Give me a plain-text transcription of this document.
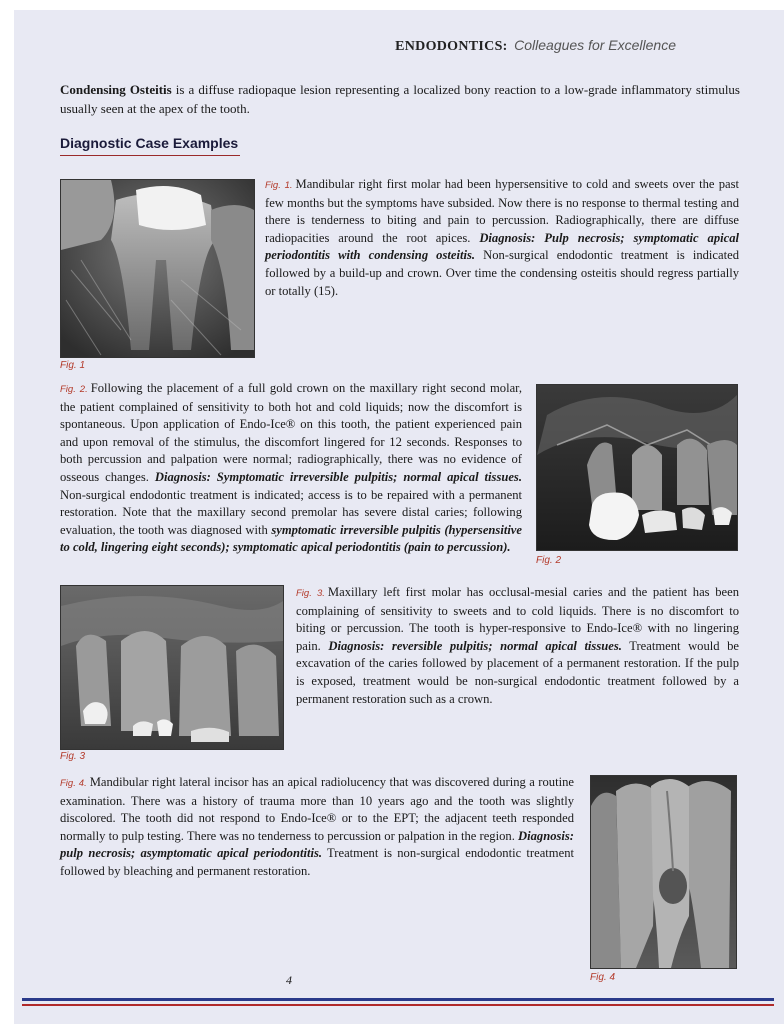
ENDODONTICS: Colleagues for Excellence
Condensing Osteitis is a diffuse radiopaque lesion representing a localized bony reaction to a low-grade inflammatory stimulus usually seen at the apex of the tooth.
Diagnostic Case Examples
Fig. 1
Fig. 1. Mandibular right first molar had been hypersensitive to cold and sweets over the past few months but the symptoms have subsided. Now there is no response to thermal testing and there is tenderness to biting and pain to percussion. Radiographically, there are diffuse radiopacities around the root apices. Diagnosis: Pulp necrosis; symptomatic apical periodontitis with condensing osteitis. Non-surgical endodontic treatment is indicated followed by a build-up and crown. Over time the condensing osteitis should regress partially or totally (15).
Fig. 2. Following the placement of a full gold crown on the maxillary right second molar, the patient complained of sensitivity to both hot and cold liquids; now the discomfort is spontaneous. Upon application of Endo-Ice® on this tooth, the patient experienced pain and upon removal of the stimulus, the discomfort lingered for 12 seconds. Responses to both percussion and palpation were normal; radiographically, there was no evidence of osseous changes. Diagnosis: Symptomatic irreversible pulpitis; normal apical tissues. Non-surgical endodontic treatment is indicated; access is to be repaired with a permanent restoration. Note that the maxillary second premolar has severe distal caries; following evaluation, the tooth was diagnosed with symptomatic irreversible pulpitis (hypersensitive to cold, lingering eight seconds); symptomatic apical periodontitis (pain to percussion).
Fig. 2
Fig. 3
Fig. 3. Maxillary left first molar has occlusal-mesial caries and the patient has been complaining of sensitivity to sweets and to cold liquids. There is no discomfort to biting or percussion. The tooth is hyper-responsive to Endo-Ice® with no lingering pain. Diagnosis: reversible pulpitis; normal apical tissues. Treatment would be excavation of the caries followed by placement of a permanent restoration. If the pulp is exposed, treatment would be non-surgical endodontic treatment followed by a permanent restoration such as a crown.
Fig. 4. Mandibular right lateral incisor has an apical radiolucency that was discovered during a routine examination. There was a history of trauma more than 10 years ago and the tooth was slightly discolored. The tooth did not respond to Endo-Ice® or to the EPT; the adjacent teeth responded normally to pulp testing. There was no tenderness to percussion or palpation in the region. Diagnosis: pulp necrosis; asymptomatic apical periodontitis. Treatment is non-surgical endodontic treatment followed by bleaching and permanent restoration.
Fig. 4
4
